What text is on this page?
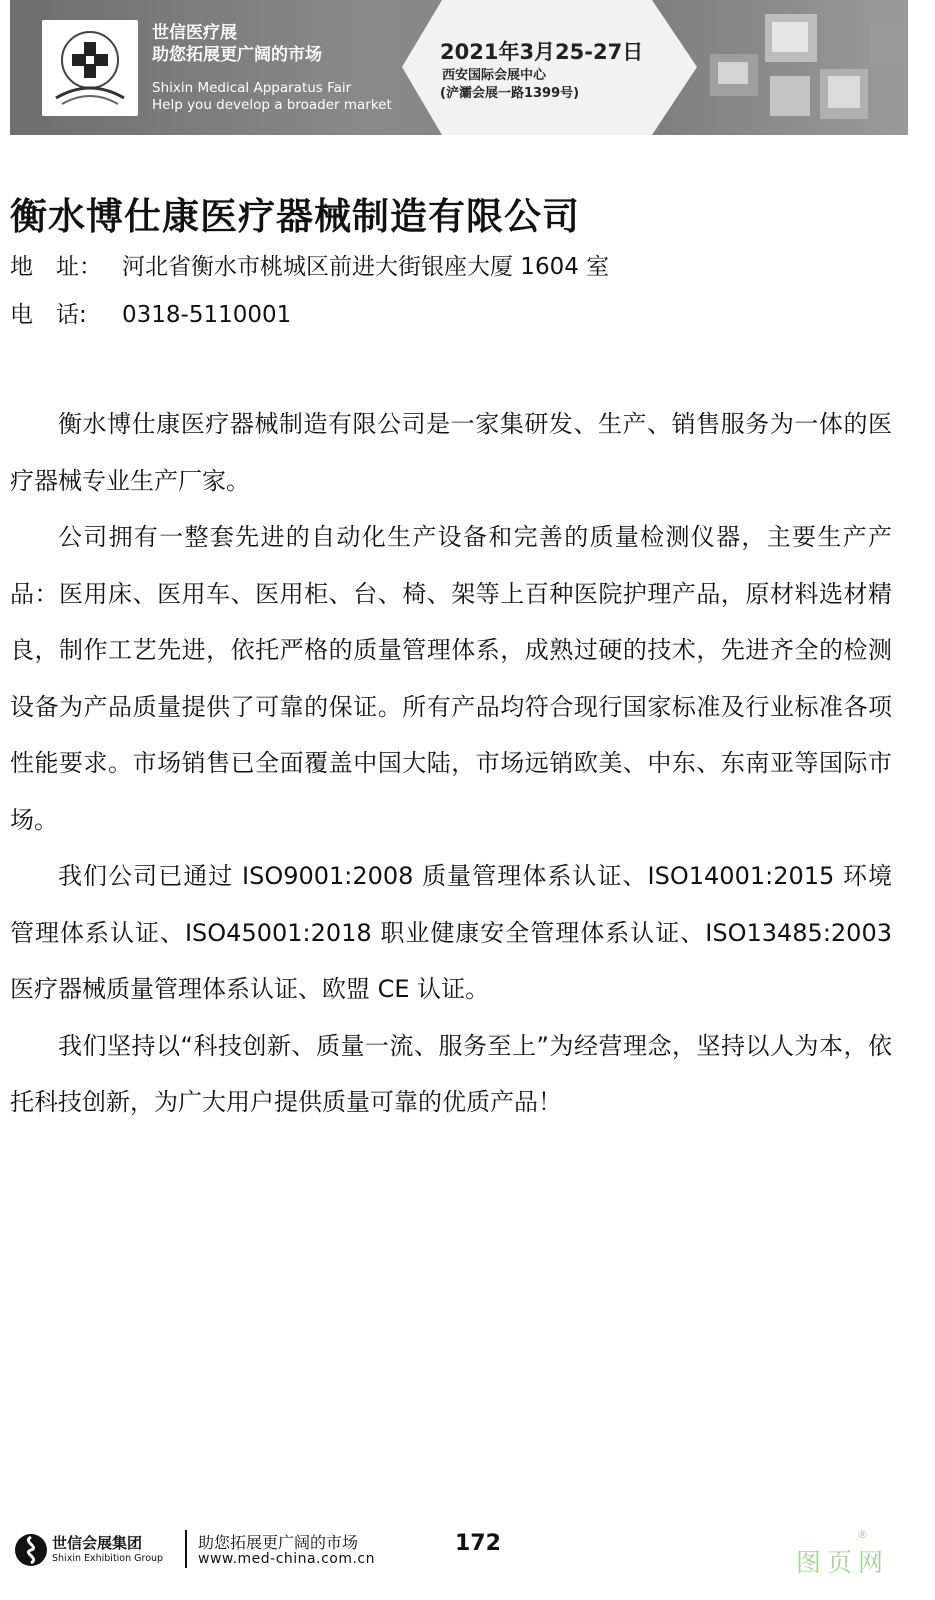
世信医疗展
助您拓展更广阔的市场
Shixin Medical Apparatus Fair
Help you develop a broader market
2021年3月25-27日
西安国际会展中心
(浐灞会展一路1399号)
衡水博仕康医疗器械制造有限公司
地　址： 河北省衡水市桃城区前进大街银座大厦 1604 室
电　话: 0318-5110001

衡水博仕康医疗器械制造有限公司是一家集研发、生产、销售服务为一体的医疗器械专业生产厂家。

公司拥有一整套先进的自动化生产设备和完善的质量检测仪器，主要生产产品：医用床、医用车、医用柜、台、椅、架等上百种医院护理产品，原材料选材精良，制作工艺先进，依托严格的质量管理体系，成熟过硬的技术，先进齐全的检测设备为产品质量提供了可靠的保证。所有产品均符合现行国家标准及行业标准各项性能要求。市场销售已全面覆盖中国大陆，市场远销欧美、中东、东南亚等国际市场。

我们公司已通过 ISO9001:2008 质量管理体系认证、ISO14001:2015 环境管理体系认证、ISO45001:2018 职业健康安全管理体系认证、ISO13485:2003 医疗器械质量管理体系认证、欧盟 CE 认证。

我们坚持以“科技创新、质量一流、服务至上”为经营理念，坚持以人为本，依托科技创新，为广大用户提供质量可靠的优质产品！

世信会展集团
Shixin Exhibition Group
助您拓展更广阔的市场
www.med-china.com.cn
172	®
图页网
